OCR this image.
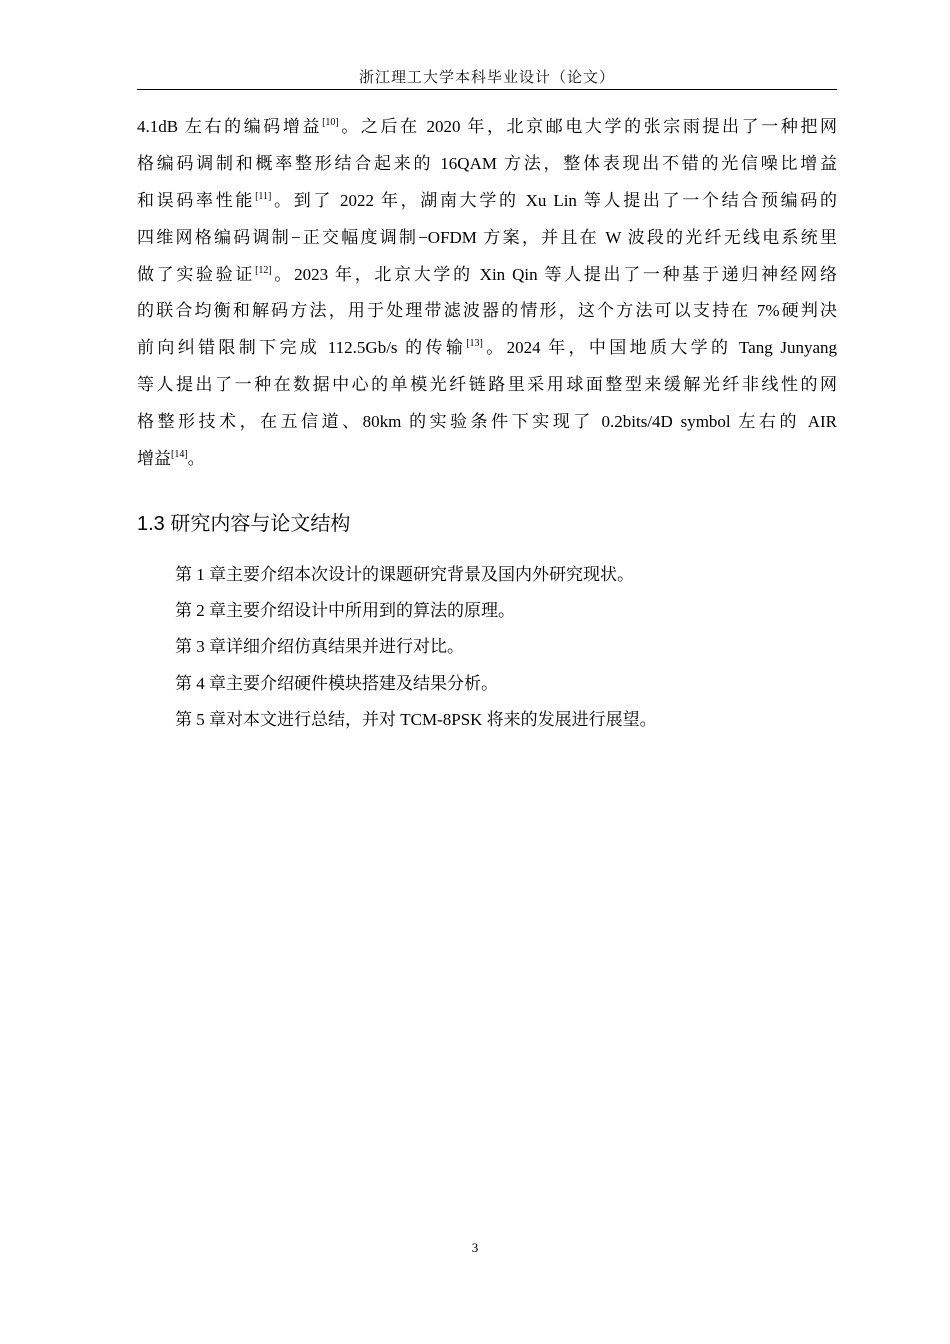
浙江理工大学本科毕业设计（论文）
4.1dB 左右的编码增益[10]。之后在 2020 年，北京邮电大学的张宗雨提出了一种把网
格编码调制和概率整形结合起来的 16QAM 方法，整体表现出不错的光信噪比增益
和误码率性能[11]。到了 2022 年，湖南大学的 Xu Lin 等人提出了一个结合预编码的
四维网格编码调制−正交幅度调制−OFDM 方案，并且在 W 波段的光纤无线电系统里
做了实验验证[12]。2023 年，北京大学的 Xin Qin 等人提出了一种基于递归神经网络
的联合均衡和解码方法，用于处理带滤波器的情形，这个方法可以支持在 7%硬判决
前向纠错限制下完成 112.5Gb/s 的传输[13]。2024 年，中国地质大学的 Tang Junyang
等人提出了一种在数据中心的单模光纤链路里采用球面整型来缓解光纤非线性的网
格整形技术，在五信道、80km 的实验条件下实现了 0.2bits/4D symbol 左右的 AIR
增益[14]。
1.3 研究内容与论文结构
第 1 章主要介绍本次设计的课题研究背景及国内外研究现状。
第 2 章主要介绍设计中所用到的算法的原理。
第 3 章详细介绍仿真结果并进行对比。
第 4 章主要介绍硬件模块搭建及结果分析。
第 5 章对本文进行总结，并对 TCM-8PSK 将来的发展进行展望。
3
